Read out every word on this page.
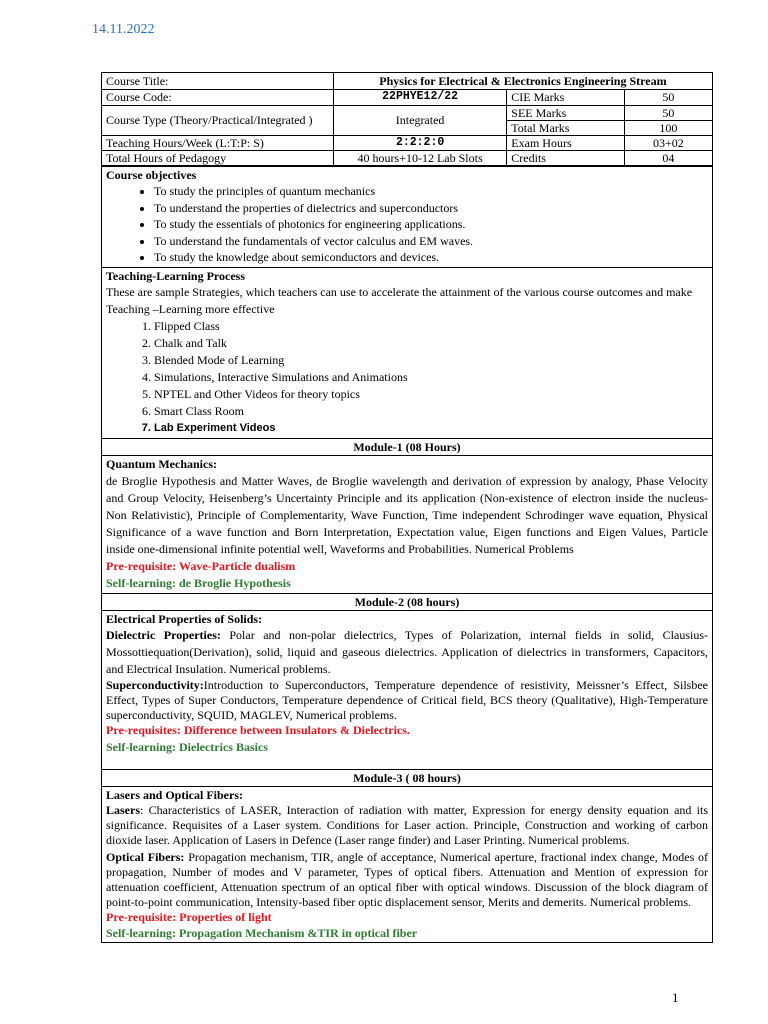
14.11.2022
Course Title:	Physics for Electrical & Electronics Engineering Stream		
Course Code:	22PHYE12/22	CIE Marks	50
Course Type (Theory/Practical/Integrated )	Integrated	SEE Marks	50
		Total Marks	100
Teaching Hours/Week (L:T:P: S)	2:2:2:0	Exam Hours	03+02
Total Hours of Pedagogy	40 hours+10-12 Lab Slots	Credits	04
Course objectives
• To study the principles of quantum mechanics
• To understand the properties of dielectrics and superconductors
• To study the essentials of photonics for engineering applications.
• To understand the fundamentals of vector calculus and EM waves.
• To study the knowledge about semiconductors and devices.
Teaching-Learning Process

These are sample Strategies, which teachers can use to accelerate the attainment of the various course outcomes and make Teaching –Learning more effective

1. Flipped Class
2. Chalk and Talk
3. Blended Mode of Learning
4. Simulations, Interactive Simulations and Animations
5. NPTEL and Other Videos for theory topics
6. Smart Class Room
7. Lab Experiment Videos
Module-1 (08 Hours)
Quantum Mechanics:

de Broglie Hypothesis and Matter Waves, de Broglie wavelength and derivation of expression by analogy, Phase Velocity and Group Velocity, Heisenberg’s Uncertainty Principle and its application (Non-existence of electron inside the nucleus-Non Relativistic), Principle of Complementarity, Wave Function, Time independent Schrodinger wave equation, Physical Significance of a wave function and Born Interpretation, Expectation value, Eigen functions and Eigen Values, Particle inside one-dimensional infinite potential well, Waveforms and Probabilities. Numerical Problems

Pre-requisite: Wave-Particle dualism

Self-learning: de Broglie Hypothesis

Module-2 (08 hours)
Electrical Properties of Solids:

Dielectric Properties: Polar and non-polar dielectrics, Types of Polarization, internal fields in solid, Clausius-Mossottiequation(Derivation), solid, liquid and gaseous dielectrics. Application of dielectrics in transformers, Capacitors, and Electrical Insulation. Numerical problems.

Superconductivity:Introduction to Superconductors, Temperature dependence of resistivity, Meissner’s Effect, Silsbee Effect, Types of Super Conductors, Temperature dependence of Critical field, BCS theory (Qualitative), High-Temperature superconductivity, SQUID, MAGLEV, Numerical problems.

Pre-requisites: Difference between Insulators & Dielectrics.

Self-learning: Dielectrics Basics

Module-3 ( 08 hours)
Lasers and Optical Fibers:

Lasers: Characteristics of LASER, Interaction of radiation with matter, Expression for energy density equation and its significance. Requisites of a Laser system. Conditions for Laser action. Principle, Construction and working of carbon dioxide laser. Application of Lasers in Defence (Laser range finder) and Laser Printing. Numerical problems.

Optical Fibers: Propagation mechanism, TIR, angle of acceptance, Numerical aperture, fractional index change, Modes of propagation, Number of modes and V parameter, Types of optical fibers. Attenuation and Mention of expression for attenuation coefficient, Attenuation spectrum of an optical fiber with optical windows. Discussion of the block diagram of point-to-point communication, Intensity-based fiber optic displacement sensor, Merits and demerits. Numerical problems.

Pre-requisite: Properties of light

Self-learning: Propagation Mechanism &TIR in optical fiber

1
